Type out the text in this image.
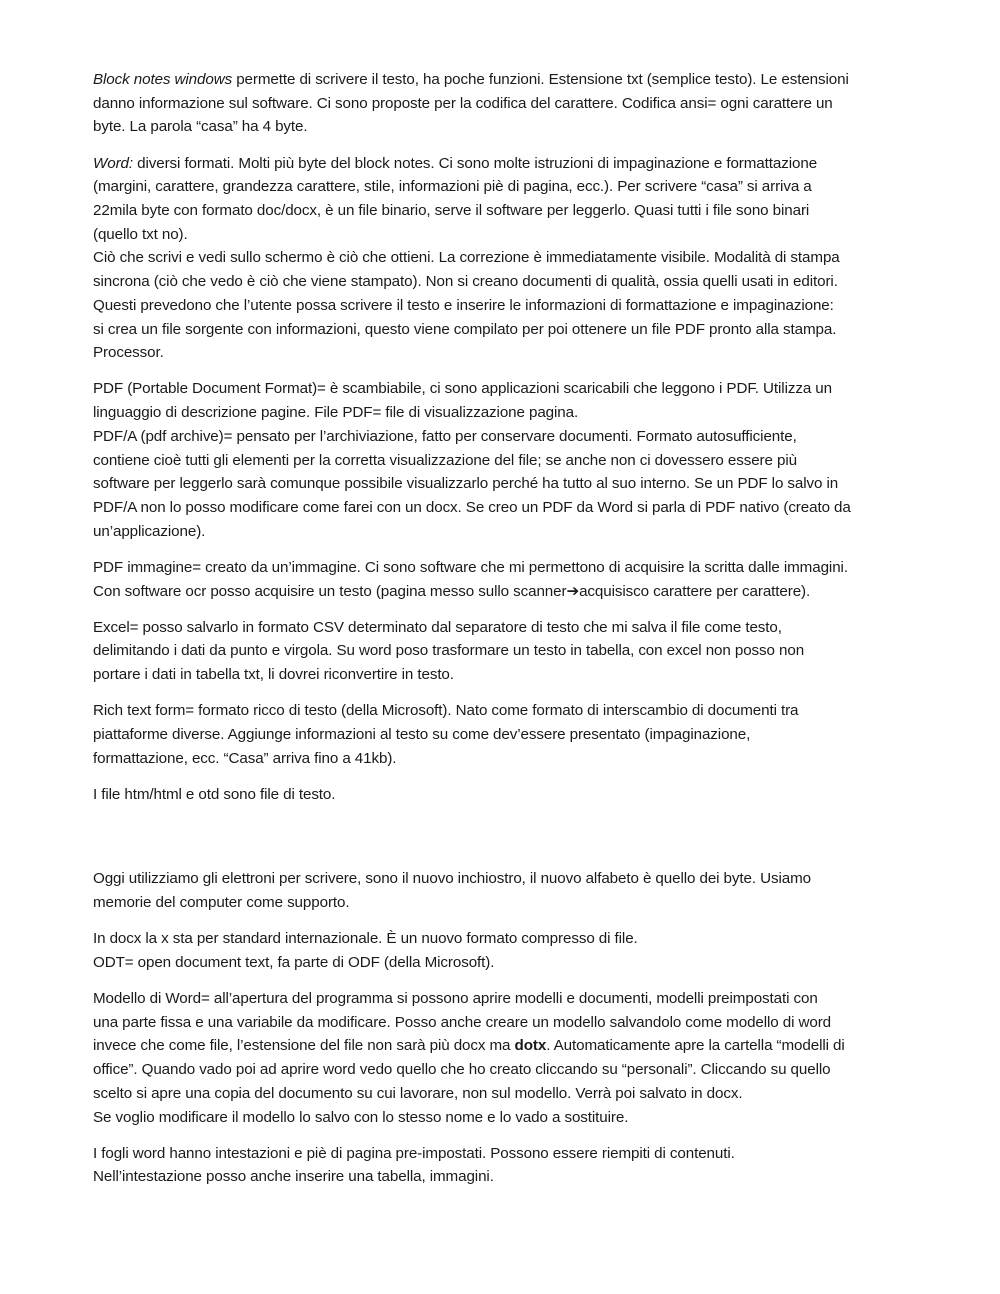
Block notes windows permette di scrivere il testo, ha poche funzioni. Estensione txt (semplice testo). Le estensioni
danno informazione sul software. Ci sono proposte per la codifica del carattere. Codifica ansi= ogni carattere un
byte. La parola “casa” ha 4 byte.
Word: diversi formati. Molti più byte del block notes. Ci sono molte istruzioni di impaginazione e formattazione
(margini, carattere, grandezza carattere, stile, informazioni piè di pagina, ecc.). Per scrivere “casa” si arriva a
22mila byte con formato doc/docx, è un file binario, serve il software per leggerlo. Quasi tutti i file sono binari
(quello txt no).
Ciò che scrivi e vedi sullo schermo è ciò che ottieni. La correzione è immediatamente visibile. Modalità di stampa
sincrona (ciò che vedo è ciò che viene stampato). Non si creano documenti di qualità, ossia quelli usati in editori.
Questi prevedono che l’utente possa scrivere il testo e inserire le informazioni di formattazione e impaginazione:
si crea un file sorgente con informazioni, questo viene compilato per poi ottenere un file PDF pronto alla stampa.
Processor.
PDF (Portable Document Format)= è scambiabile, ci sono applicazioni scaricabili che leggono i PDF. Utilizza un
linguaggio di descrizione pagine. File PDF= file di visualizzazione pagina.
PDF/A (pdf archive)= pensato per l’archiviazione, fatto per conservare documenti. Formato autosufficiente,
contiene cioè tutti gli elementi per la corretta visualizzazione del file; se anche non ci dovessero essere più
software per leggerlo sarà comunque possibile visualizzarlo perché ha tutto al suo interno. Se un PDF lo salvo in
PDF/A non lo posso modificare come farei con un docx. Se creo un PDF da Word si parla di PDF nativo (creato da
un’applicazione).
PDF immagine= creato da un’immagine. Ci sono software che mi permettono di acquisire la scritta dalle immagini.
Con software ocr posso acquisire un testo (pagina messo sullo scanner➔acquisisco carattere per carattere).
Excel= posso salvarlo in formato CSV determinato dal separatore di testo che mi salva il file come testo,
delimitando i dati da punto e virgola. Su word poso trasformare un testo in tabella, con excel non posso non
portare i dati in tabella txt, li dovrei riconvertire in testo.
Rich text form= formato ricco di testo (della Microsoft). Nato come formato di interscambio di documenti tra
piattaforme diverse. Aggiunge informazioni al testo su come dev’essere presentato (impaginazione,
formattazione, ecc. “Casa” arriva fino a 41kb).
I file htm/html e otd sono file di testo.
Oggi utilizziamo gli elettroni per scrivere, sono il nuovo inchiostro, il nuovo alfabeto è quello dei byte. Usiamo
memorie del computer come supporto.
In docx la x sta per standard internazionale. È un nuovo formato compresso di file.
ODT= open document text, fa parte di ODF (della Microsoft).
Modello di Word= all’apertura del programma si possono aprire modelli e documenti, modelli preimpostati con
una parte fissa e una variabile da modificare. Posso anche creare un modello salvandolo come modello di word
invece che come file, l’estensione del file non sarà più docx ma dotx. Automaticamente apre la cartella “modelli di
office”. Quando vado poi ad aprire word vedo quello che ho creato cliccando su “personali”. Cliccando su quello
scelto si apre una copia del documento su cui lavorare, non sul modello. Verrà poi salvato in docx.
Se voglio modificare il modello lo salvo con lo stesso nome e lo vado a sostituire.
I fogli word hanno intestazioni e piè di pagina pre-impostati. Possono essere riempiti di contenuti.
Nell’intestazione posso anche inserire una tabella, immagini.
